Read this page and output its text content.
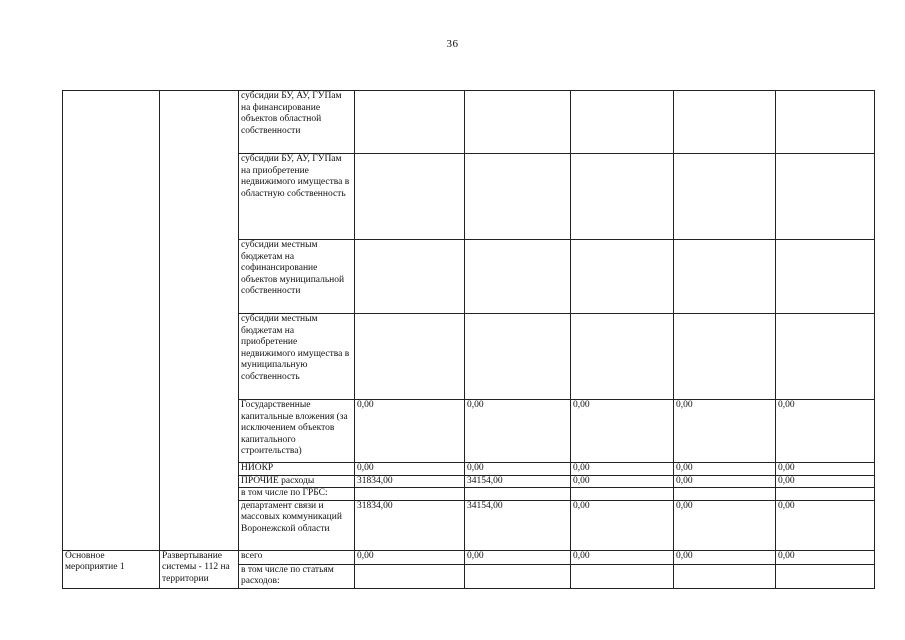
36
		субсидии БУ, АУ, ГУПам на финансирование объектов областной собственности					
		субсидии БУ, АУ, ГУПам на приобретение недвижимого имущества в областную собственность					
		субсидии местным бюджетам на софинансирование объектов муниципальной собственности					
		субсидии местным бюджетам на приобретение недвижимого имущества в муниципальную собственность					
		Государственные капитальные вложения (за исключением объектов капитального строительства)	0,00	0,00	0,00	0,00	0,00
		НИОКР	0,00	0,00	0,00	0,00	0,00
		ПРОЧИЕ расходы	31834,00	34154,00	0,00	0,00	0,00
		в том числе по ГРБС:					
		департамент связи и массовых коммуникаций Воронежской области	31834,00	34154,00	0,00	0,00	0,00
Основное мероприятие 1	Развертывание системы - 112 на территории	всего	0,00	0,00	0,00	0,00	0,00
		в том числе по статьям расходов:					
